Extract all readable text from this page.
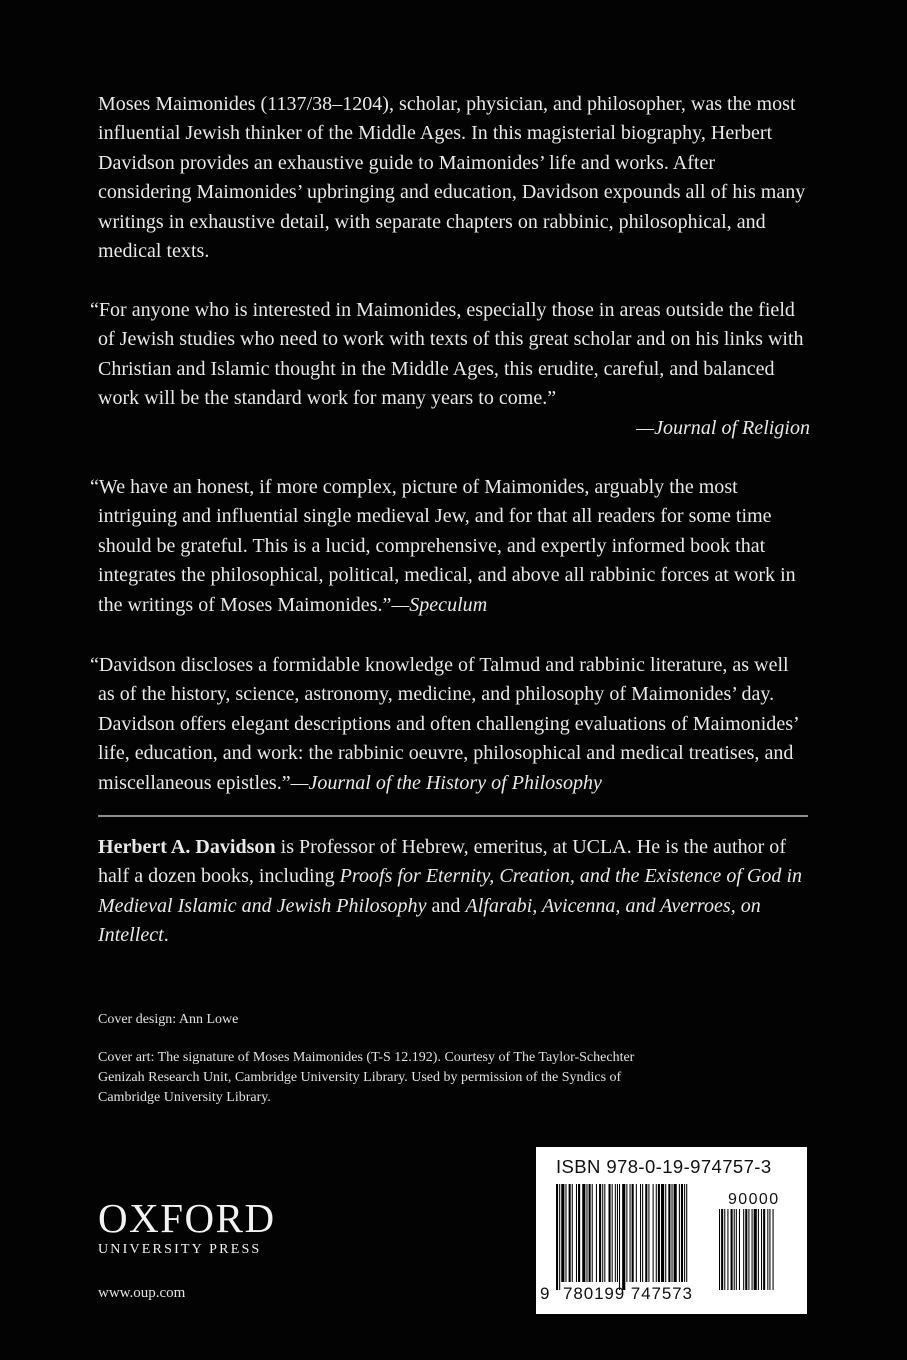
Moses Maimonides (1137/38–1204), scholar, physician, and philosopher, was the most influential Jewish thinker of the Middle Ages. In this magisterial biography, Herbert Davidson provides an exhaustive guide to Maimonides’ life and works. After considering Maimonides’ upbringing and education, Davidson expounds all of his many writings in exhaustive detail, with separate chapters on rabbinic, philosophical, and medical texts.

“For anyone who is interested in Maimonides, especially those in areas outside the field of Jewish studies who need to work with texts of this great scholar and on his links with Christian and Islamic thought in the Middle Ages, this erudite, careful, and balanced work will be the standard work for many years to come.”
—Journal of Religion

“We have an honest, if more complex, picture of Maimonides, arguably the most intriguing and influential single medieval Jew, and for that all readers for some time should be grateful. This is a lucid, comprehensive, and expertly informed book that integrates the philosophical, political, medical, and above all rabbinic forces at work in the writings of Moses Maimonides.”—Speculum

“Davidson discloses a formidable knowledge of Talmud and rabbinic literature, as well as of the history, science, astronomy, medicine, and philosophy of Maimonides’ day. Davidson offers elegant descriptions and often challenging evaluations of Maimonides’ life, education, and work: the rabbinic oeuvre, philosophical and medical treatises, and miscellaneous epistles.”—Journal of the History of Philosophy

Herbert A. Davidson is Professor of Hebrew, emeritus, at UCLA. He is the author of half a dozen books, including Proofs for Eternity, Creation, and the Existence of God in Medieval Islamic and Jewish Philosophy and Alfarabi, Avicenna, and Averroes, on Intellect.

Cover design: Ann Lowe

Cover art: The signature of Moses Maimonides (T-S 12.192). Courtesy of The Taylor-Schechter Genizah Research Unit, Cambridge University Library. Used by permission of the Syndics of Cambridge University Library.

OXFORD
UNIVERSITY PRESS
www.oup.com
ISBN 978-0-19-974757-3
90000
9 780199 747573
